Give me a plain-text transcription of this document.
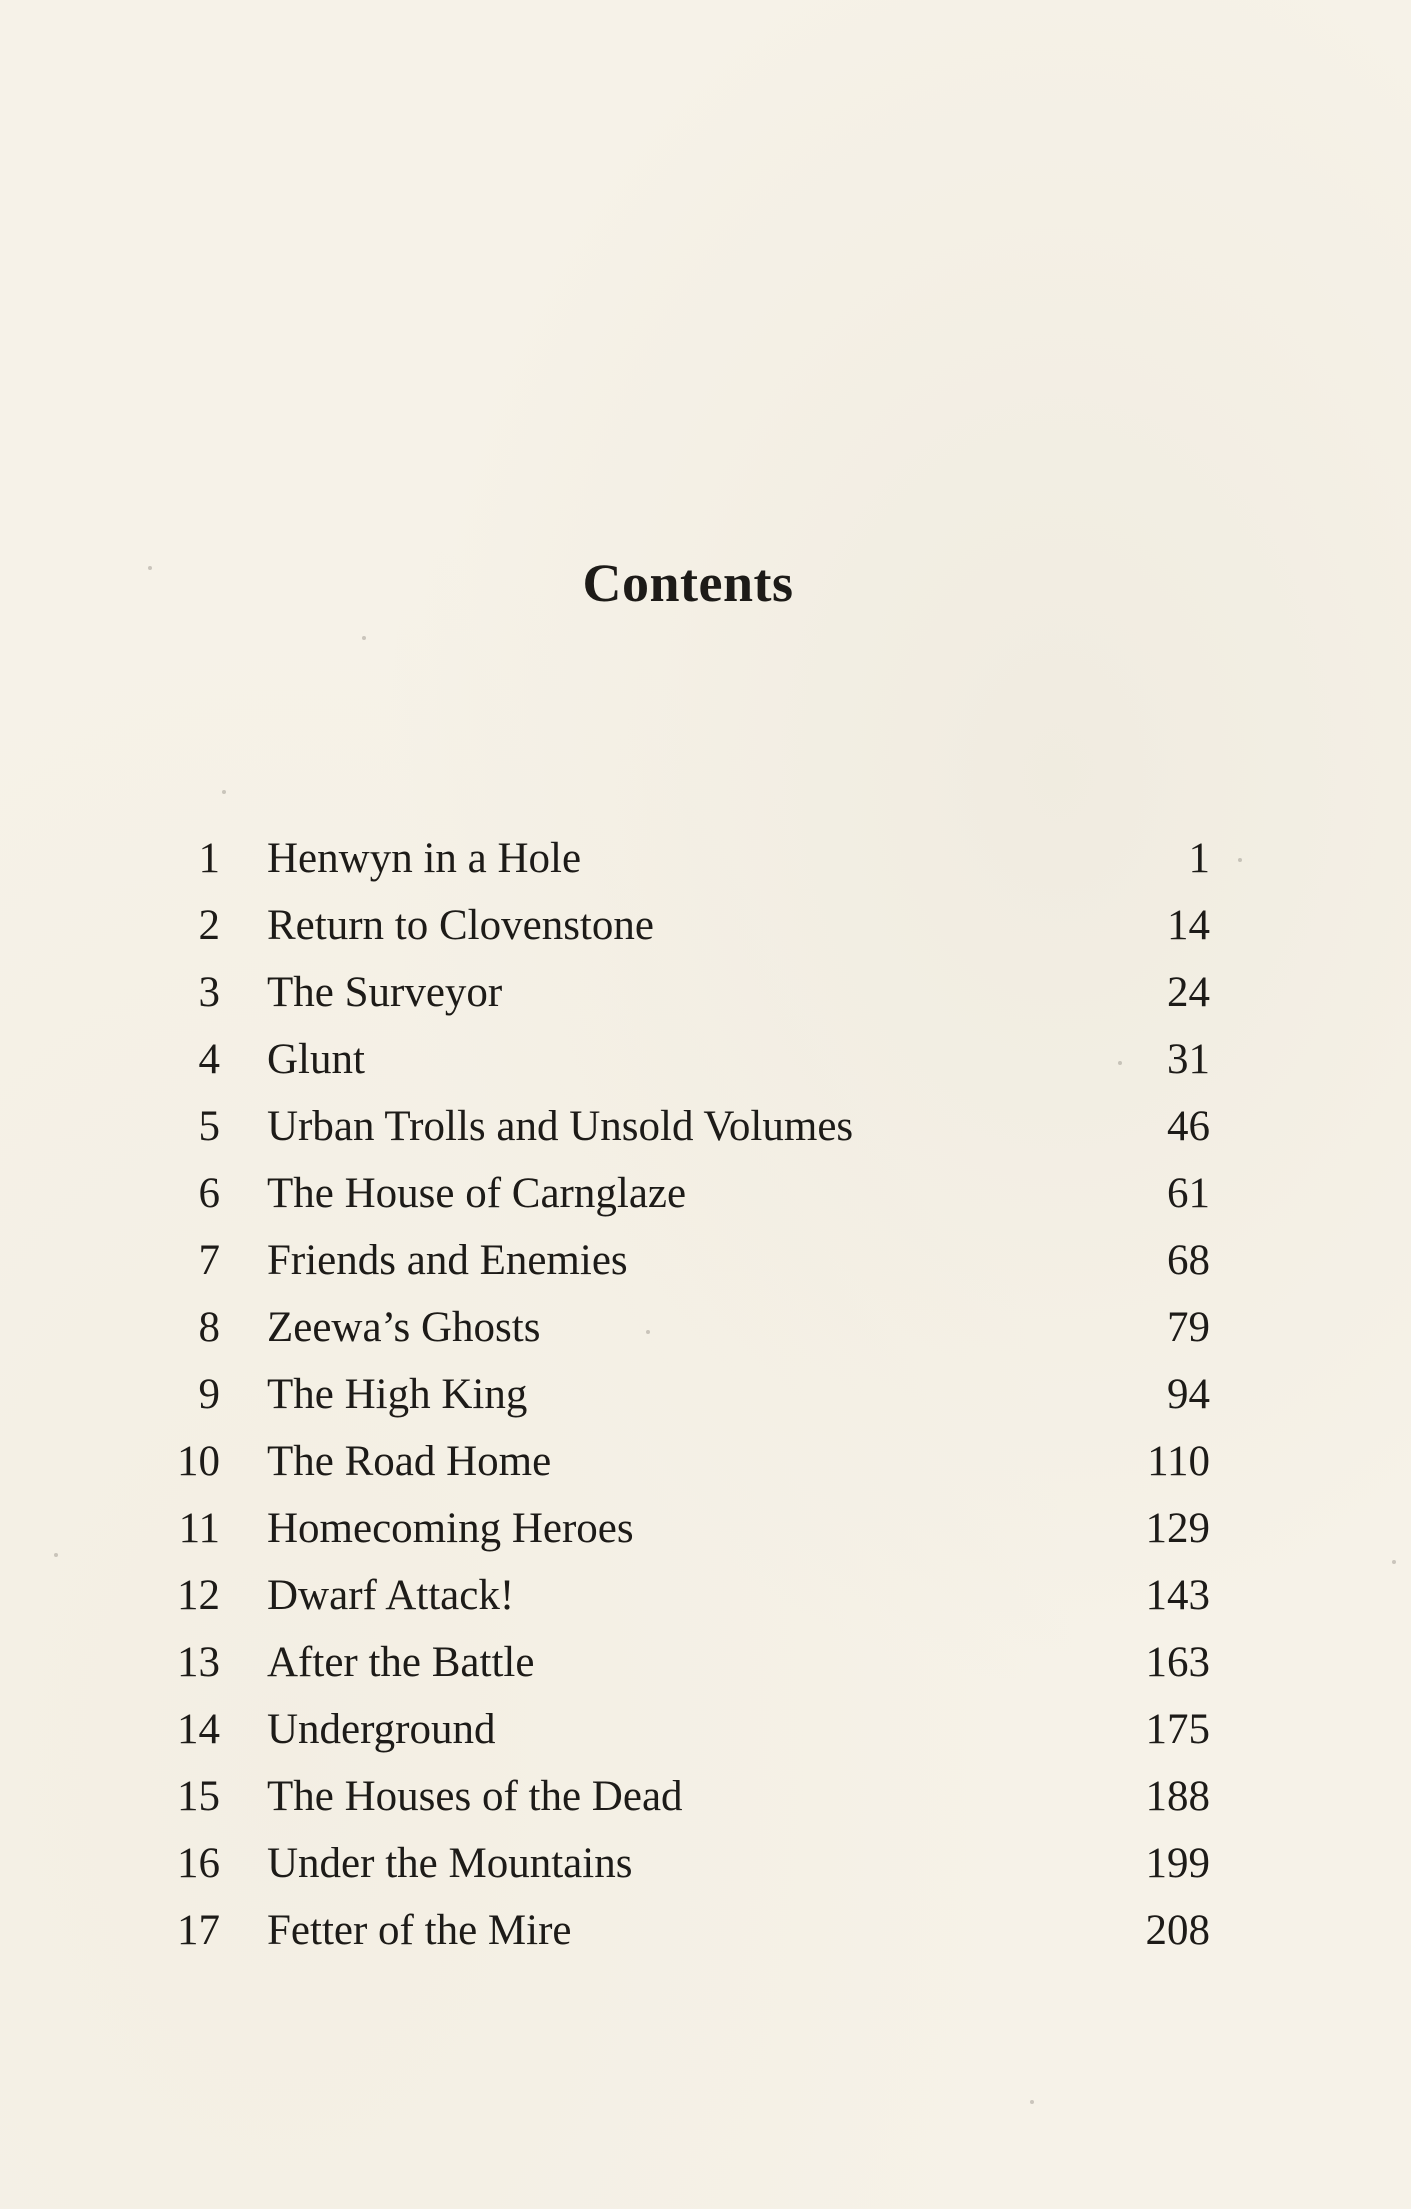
Contents
1 Henwyn in a Hole	1
2 Return to Clovenstone	14
3 The Surveyor	24
4 Glunt	31
5 Urban Trolls and Unsold Volumes	46
6 The House of Carnglaze	61
7 Friends and Enemies	68
8 Zeewa’s Ghosts	79
9 The High King	94
10 The Road Home	110
11 Homecoming Heroes	129
12 Dwarf Attack!	143
13 After the Battle	163
14 Underground	175
15 The Houses of the Dead	188
16 Under the Mountains	199
17 Fetter of the Mire	208
